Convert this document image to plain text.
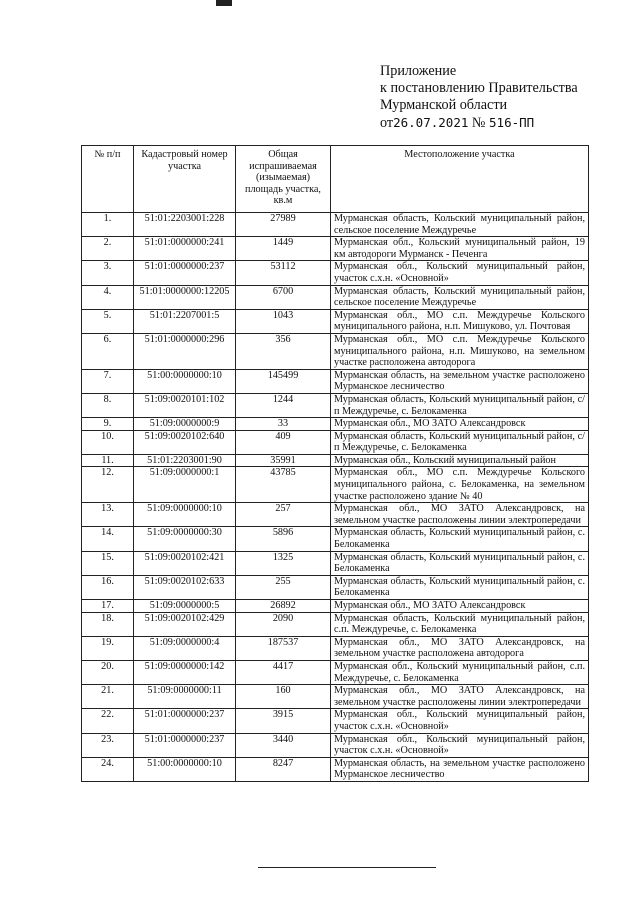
Приложение
к постановлению Правительства
Мурманской области
от26.07.2021 № 516-ПП
№ п/п	Кадастровый номер участка	Общая испрашиваемая (изымаемая) площадь участка, кв.м	Местоположение участка
1.	51:01:2203001:228	27989	Мурманская область, Кольский муниципальный район, сельское поселение Междуречье
2.	51:01:0000000:241	1449	Мурманская обл., Кольский муниципальный район, 19 км автодороги Мурманск - Печенга
3.	51:01:0000000:237	53112	Мурманская обл., Кольский муниципальный район, участок с.х.н. «Основной»
4.	51:01:0000000:12205	6700	Мурманская область, Кольский муниципальный район, сельское поселение Междуречье
5.	51:01:2207001:5	1043	Мурманская обл., МО с.п. Междуречье Кольского муниципального района, н.п. Мишуково, ул. Почтовая
6.	51:01:0000000:296	356	Мурманская обл., МО с.п. Междуречье Кольского муниципального района, н.п. Мишуково, на земельном участке расположена автодорога
7.	51:00:0000000:10	145499	Мурманская область, на земельном участке расположено Мурманское лесничество
8.	51:09:0020101:102	1244	Мурманская область, Кольский муниципальный район, с/п Междуречье, с. Белокаменка
9.	51:09:0000000:9	33	Мурманская обл., МО ЗАТО Александровск
10.	51:09:0020102:640	409	Мурманская область, Кольский муниципальный район, с/п Междуречье, с. Белокаменка
11.	51:01:2203001:90	35991	Мурманская обл., Кольский муниципальный район
12.	51:09:0000000:1	43785	Мурманская обл., МО с.п. Междуречье Кольского муниципального района, с. Белокаменка, на земельном участке расположено здание № 40
13.	51:09:0000000:10	257	Мурманская обл., МО ЗАТО Александровск, на земельном участке расположены линии электропередачи
14.	51:09:0000000:30	5896	Мурманская область, Кольский муниципальный район, с. Белокаменка
15.	51:09:0020102:421	1325	Мурманская область, Кольский муниципальный район, с. Белокаменка
16.	51:09:0020102:633	255	Мурманская область, Кольский муниципальный район, с. Белокаменка
17.	51:09:0000000:5	26892	Мурманская обл., МО ЗАТО Александровск
18.	51:09:0020102:429	2090	Мурманская область, Кольский муниципальный район, с.п. Междуречье, с. Белокаменка
19.	51:09:0000000:4	187537	Мурманская обл., МО ЗАТО Александровск, на земельном участке расположена автодорога
20.	51:09:0000000:142	4417	Мурманская обл., Кольский муниципальный район, с.п. Междуречье, с. Белокаменка
21.	51:09:0000000:11	160	Мурманская обл., МО ЗАТО Александровск, на земельном участке расположены линии электропередачи
22.	51:01:0000000:237	3915	Мурманская обл., Кольский муниципальный район, участок с.х.н. «Основной»
23.	51:01:0000000:237	3440	Мурманская обл., Кольский муниципальный район, участок с.х.н. «Основной»
24.	51:00:0000000:10	8247	Мурманская область, на земельном участке расположено Мурманское лесничество
